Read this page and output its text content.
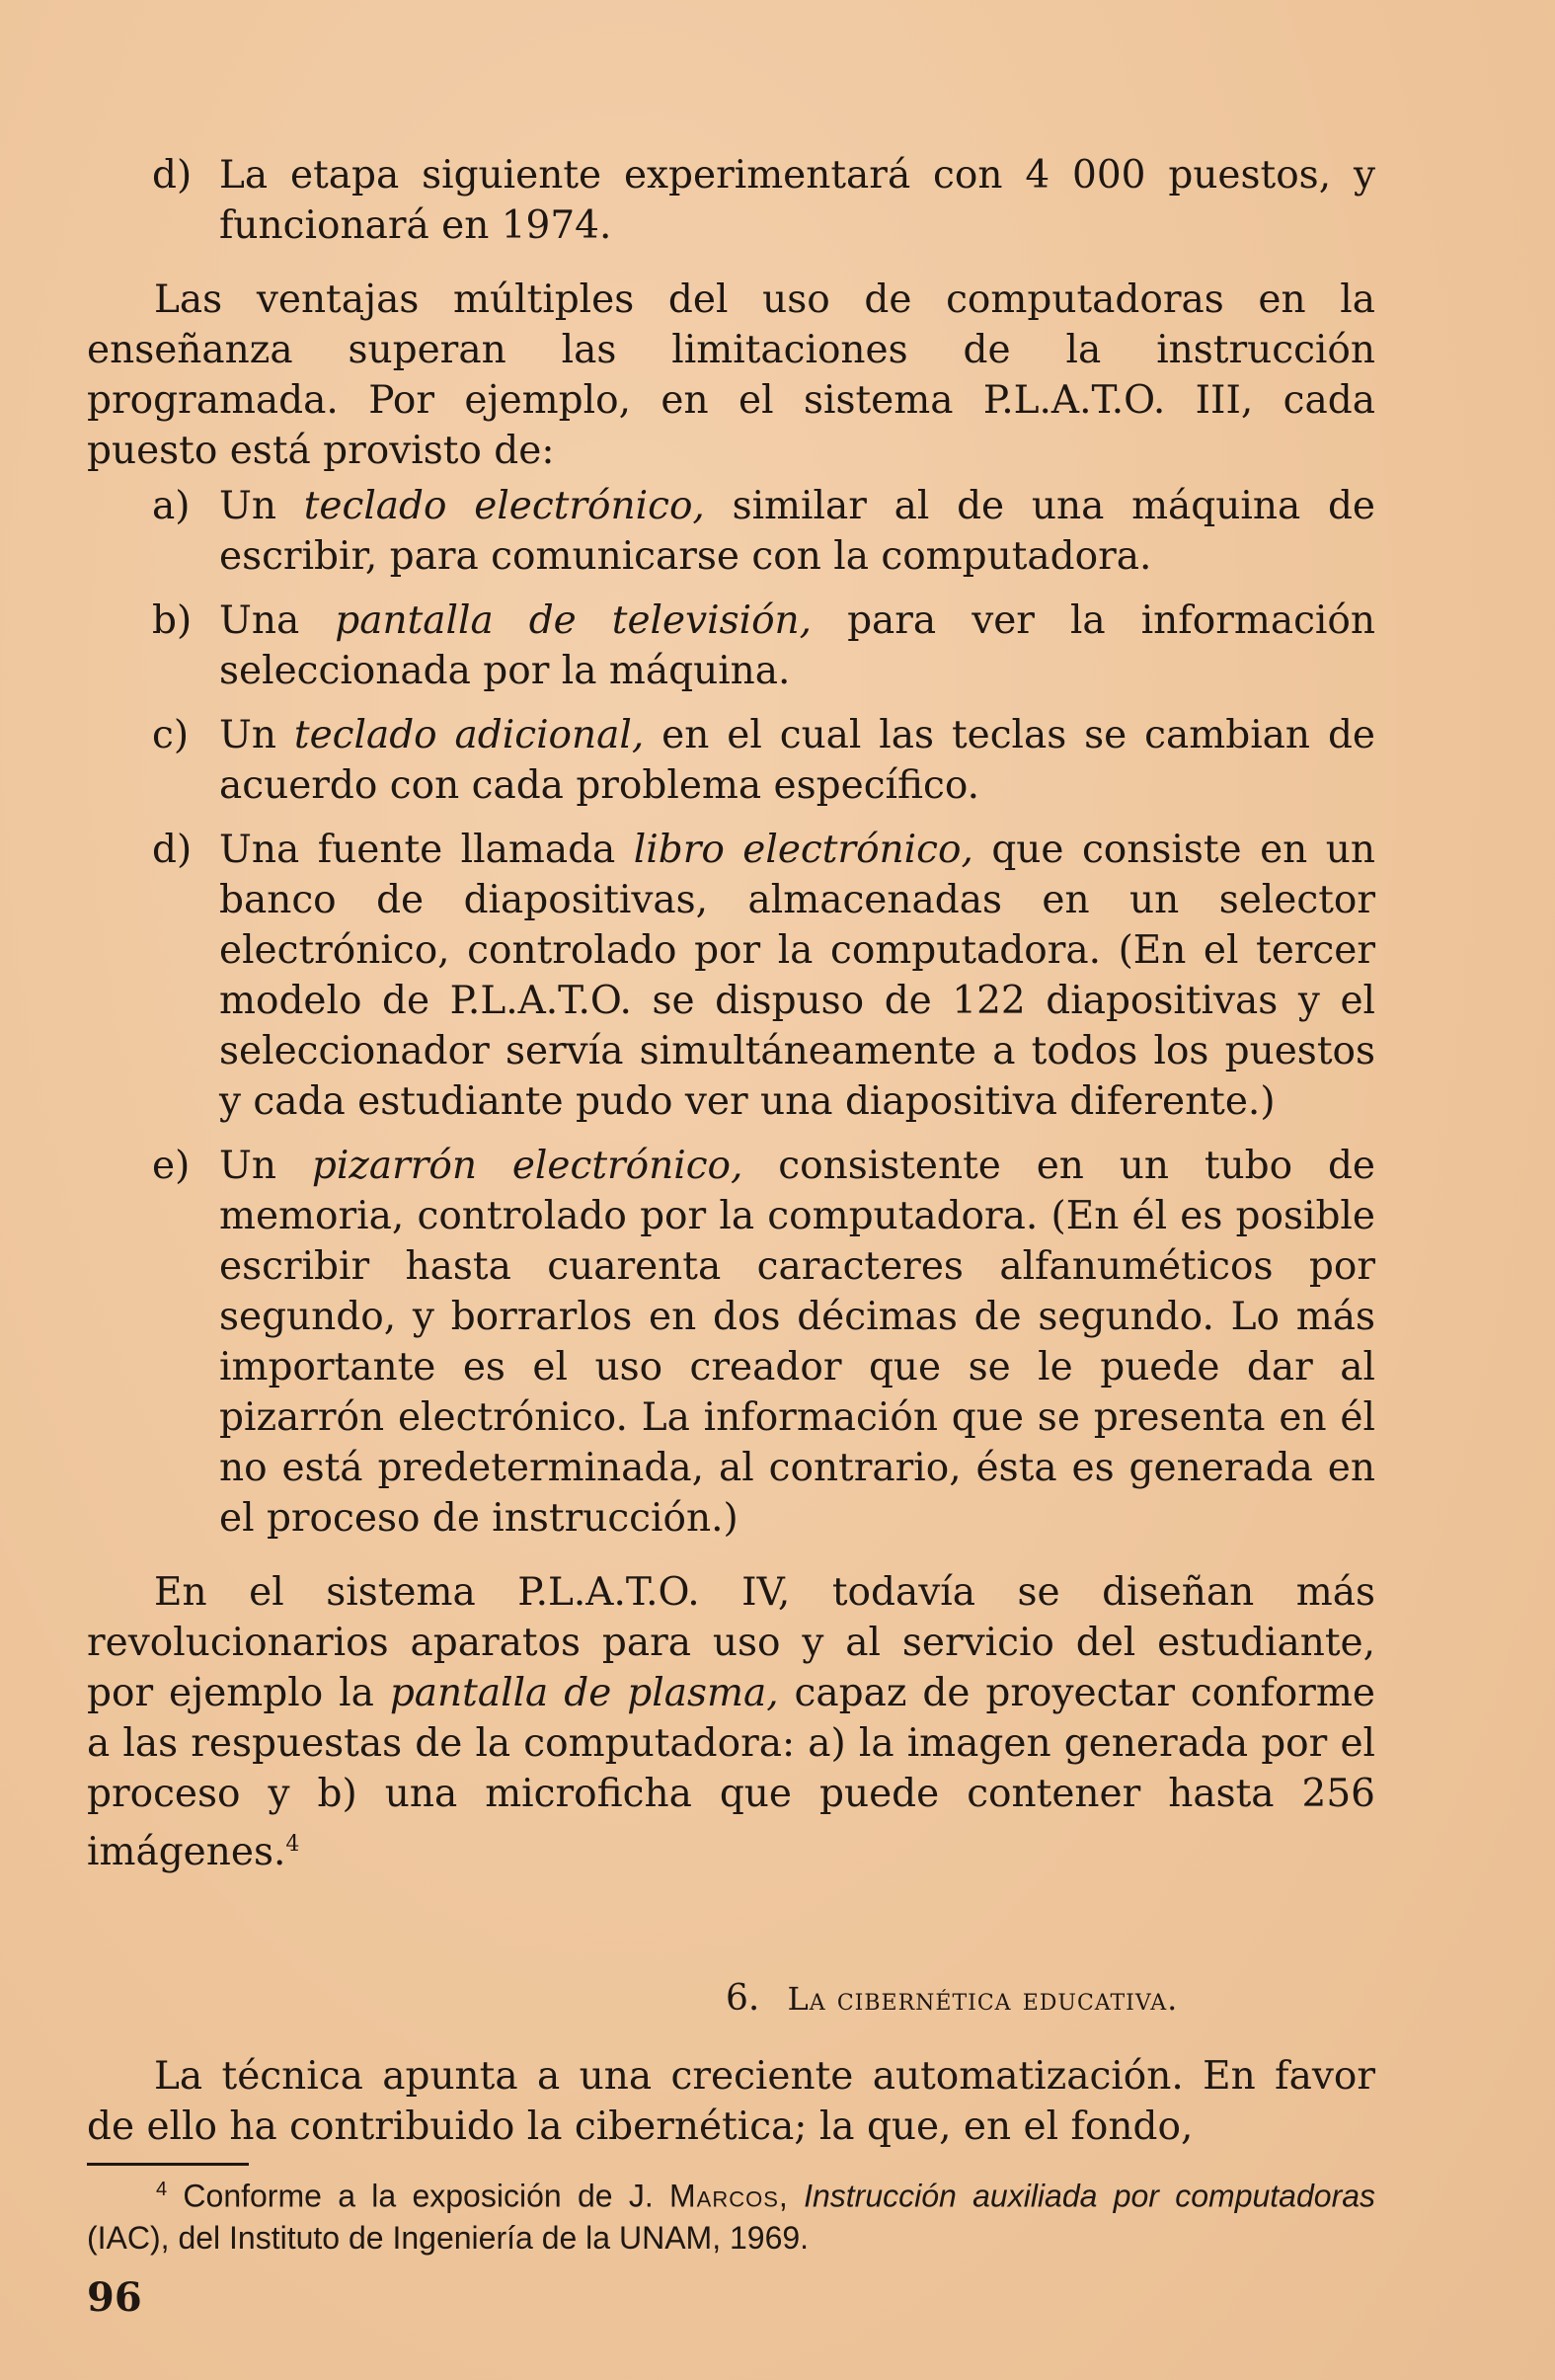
d) La etapa siguiente experimentará con 4 000 puestos, y funcionará en 1974.
Las ventajas múltiples del uso de computadoras en la enseñanza superan las limitaciones de la instrucción programada. Por ejemplo, en el sistema P.L.A.T.O. III, cada puesto está provisto de:
a) Un teclado electrónico, similar al de una máquina de escribir, para comunicarse con la computadora.
b) Una pantalla de televisión, para ver la información seleccionada por la máquina.
c) Un teclado adicional, en el cual las teclas se cambian de acuerdo con cada problema específico.
d) Una fuente llamada libro electrónico, que consiste en un banco de diapositivas, almacenadas en un selector electrónico, controlado por la computadora. (En el tercer modelo de P.L.A.T.O. se dispuso de 122 diapositivas y el seleccionador servía simultáneamente a todos los puestos y cada estudiante pudo ver una diapositiva diferente.)
e) Un pizarrón electrónico, consistente en un tubo de memoria, controlado por la computadora. (En él es posible escribir hasta cuarenta caracteres alfanuméticos por segundo, y borrarlos en dos décimas de segundo. Lo más importante es el uso creador que se le puede dar al pizarrón electrónico. La información que se presenta en él no está predeterminada, al contrario, ésta es generada en el proceso de instrucción.)
En el sistema P.L.A.T.O. IV, todavía se diseñan más revolucionarios aparatos para uso y al servicio del estudiante, por ejemplo la pantalla de plasma, capaz de proyectar conforme a las respuestas de la computadora: a) la imagen generada por el proceso y b) una microficha que puede contener hasta 256 imágenes.$^4$
6. La cibernética educativa.
La técnica apunta a una creciente automatización. En favor de ello ha contribuido la cibernética; la que, en el fondo,
$^4$ Conforme a la exposición de J. Marcos, Instrucción auxiliada por computadoras (IAC), del Instituto de Ingeniería de la UNAM, 1969.
96
